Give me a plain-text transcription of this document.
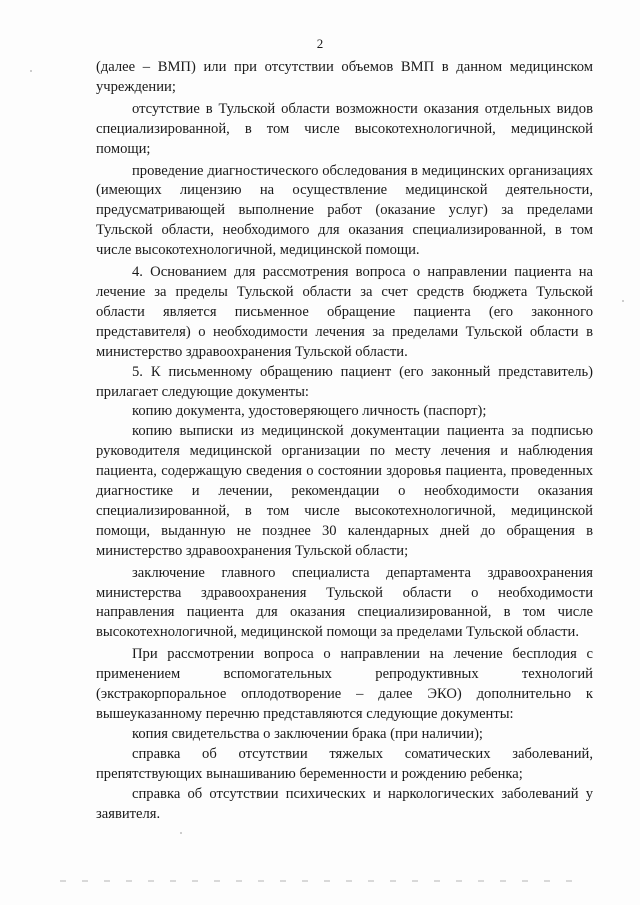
2

(далее – ВМП) или при отсутствии объемов ВМП в данном медицинском учреждении;

отсутствие в Тульской области возможности оказания отдельных видов специализированной, в том числе высокотехнологичной, медицинской помощи;

проведение диагностического обследования в медицинских организациях (имеющих лицензию на осуществление медицинской деятельности, предусматривающей выполнение работ (оказание услуг) за пределами Тульской области, необходимого для оказания специализированной, в том числе высокотехнологичной, медицинской помощи.

4. Основанием для рассмотрения вопроса о направлении пациента на лечение за пределы Тульской области за счет средств бюджета Тульской области является письменное обращение пациента (его законного представителя) о необходимости лечения за пределами Тульской области в министерство здравоохранения Тульской области.

5. К письменному обращению пациент (его законный представитель) прилагает следующие документы:

копию документа, удостоверяющего личность (паспорт);

копию выписки из медицинской документации пациента за подписью руководителя медицинской организации по месту лечения и наблюдения пациента, содержащую сведения о состоянии здоровья пациента, проведенных диагностике и лечении, рекомендации о необходимости оказания специализированной, в том числе высокотехнологичной, медицинской помощи, выданную не позднее 30 календарных дней до обращения в министерство здравоохранения Тульской области;

заключение главного специалиста департамента здравоохранения министерства здравоохранения Тульской области о необходимости направления пациента для оказания специализированной, в том числе высокотехнологичной, медицинской помощи за пределами Тульской области.

При рассмотрении вопроса о направлении на лечение бесплодия с применением вспомогательных репродуктивных технологий (экстракорпоральное оплодотворение – далее ЭКО) дополнительно к вышеуказанному перечню представляются следующие документы:

копия свидетельства о заключении брака (при наличии);

справка об отсутствии тяжелых соматических заболеваний, препятствующих вынашиванию беременности и рождению ребенка;

справка об отсутствии психических и наркологических заболеваний у заявителя.
